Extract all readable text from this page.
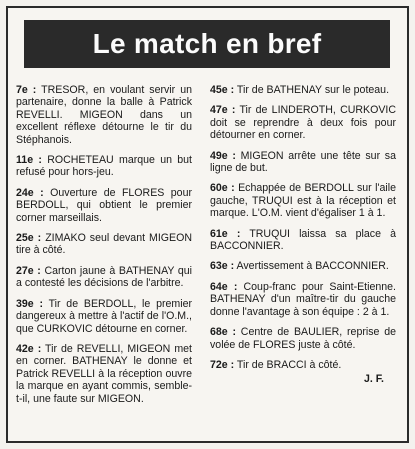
Le match en bref

7e : TRESOR, en voulant servir un partenaire, donne la balle à Patrick REVELLI. MIGEON dans un excellent réflexe détourne le tir du Stéphanois.

11e : ROCHETEAU marque un but refusé pour hors-jeu.

24e : Ouverture de FLORES pour BERDOLL, qui obtient le premier corner marseillais.

25e : ZIMAKO seul devant MIGEON tire à côté.

27e : Carton jaune à BATHENAY qui a contesté les décisions de l'arbitre.

39e : Tir de BERDOLL, le premier dangereux à mettre à l'actif de l'O.M., que CURKOVIC détourne en corner.

42e : Tir de REVELLI, MIGEON met en corner. BATHENAY le donne et Patrick REVELLI à la réception ouvre la marque en ayant commis, semble-t-il, une faute sur MIGEON.

45e : Tir de BATHENAY sur le poteau.

47e : Tir de LINDEROTH, CURKOVIC doit se reprendre à deux fois pour détourner en corner.

49e : MIGEON arrête une tête sur sa ligne de but.

60e : Echappée de BERDOLL sur l'aile gauche, TRUQUI est à la réception et marque. L'O.M. vient d'égaliser 1 à 1.

61e : TRUQUI laissa sa place à BACCONNIER.

63e : Avertissement à BACCONNIER.

64e : Coup-franc pour Saint-Etienne. BATHENAY d'un maître-tir du gauche donne l'avantage à son équipe : 2 à 1.

68e : Centre de BAULIER, reprise de volée de FLORES juste à côté.

72e : Tir de BRACCI à côté.

J. F.
